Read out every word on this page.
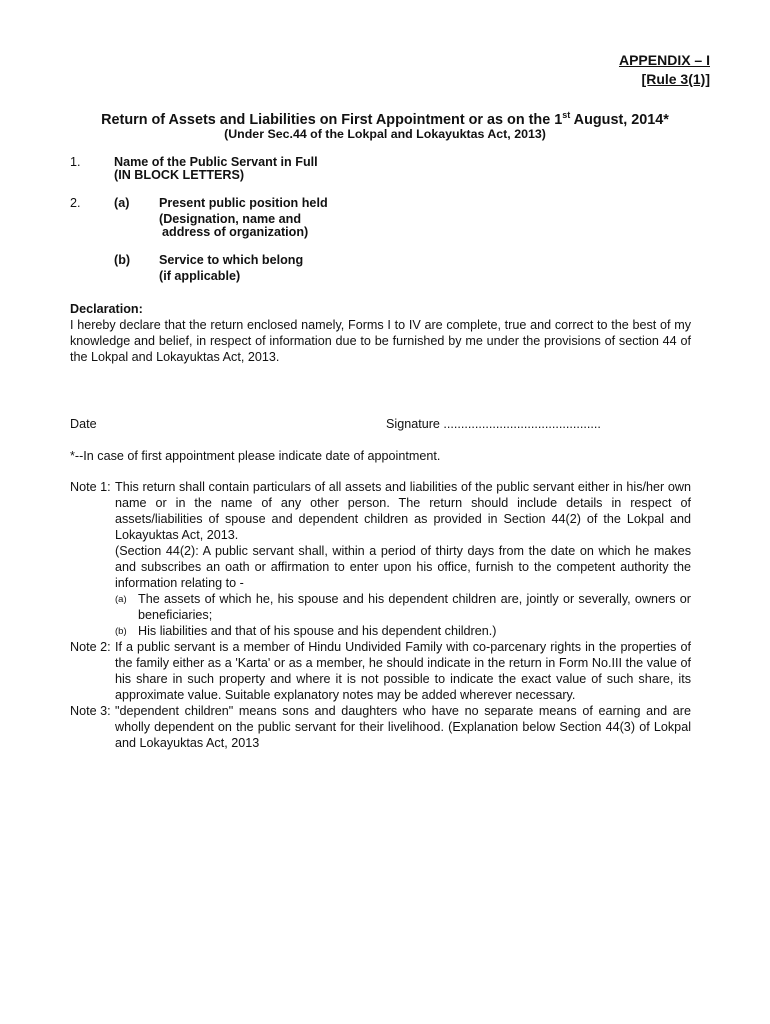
APPENDIX – I
[Rule 3(1)]
Return of Assets and Liabilities on First Appointment or as on the 1st August, 2014*
(Under Sec.44 of the Lokpal and Lokayuktas Act, 2013)
1.	Name of the Public Servant in Full
(IN BLOCK LETTERS)
2.	(a) Present public position held
(Designation, name and
address of organization)
(b) Service to which belong
(if applicable)
Declaration:
I hereby declare that the return enclosed namely, Forms I to IV are complete, true and correct to the best of my knowledge and belief, in respect of information due to be furnished by me under the provisions of section 44 of the Lokpal and Lokayuktas Act, 2013.
Date	Signature .............................................
*--In case of first appointment please indicate date of appointment.
Note 1: This return shall contain particulars of all assets and liabilities of the public servant either in his/her own name or in the name of any other person. The return should include details in respect of assets/liabilities of spouse and dependent children as provided in Section 44(2) of the Lokpal and Lokayuktas Act, 2013.
(Section 44(2): A public servant shall, within a period of thirty days from the date on which he makes and subscribes an oath or affirmation to enter upon his office, furnish to the competent authority the information relating to -
(a) The assets of which he, his spouse and his dependent children are, jointly or severally, owners or beneficiaries;
(b) His liabilities and that of his spouse and his dependent children.)
Note 2: If a public servant is a member of Hindu Undivided Family with co-parcenary rights in the properties of the family either as a 'Karta' or as a member, he should indicate in the return in Form No.III the value of his share in such property and where it is not possible to indicate the exact value of such share, its approximate value. Suitable explanatory notes may be added wherever necessary.
Note 3: "dependent children" means sons and daughters who have no separate means of earning and are wholly dependent on the public servant for their livelihood. (Explanation below Section 44(3) of Lokpal and Lokayuktas Act, 2013
